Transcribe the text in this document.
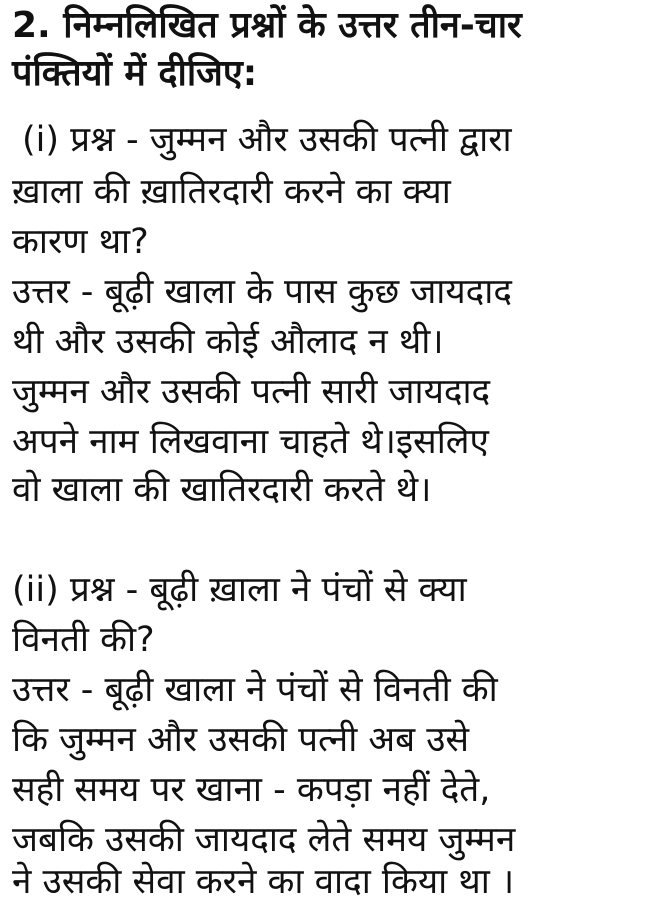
2. निम्नलिखित प्रश्नों के उत्तर तीन-चार
पंक्तियों में दीजिए:
(i) प्रश्न - जुम्मन और उसकी पत्नी द्वारा
ख़ाला की ख़ातिरदारी करने का क्या
कारण था?
उत्तर - बूढ़ी खाला के पास कुछ जायदाद
थी और उसकी कोई औलाद न थी।
जुम्मन और उसकी पत्नी सारी जायदाद
अपने नाम लिखवाना चाहते थे।इसलिए
वो खाला की खातिरदारी करते थे।
(ii) प्रश्न - बूढ़ी ख़ाला ने पंचों से क्या
विनती की?
उत्तर - बूढ़ी खाला ने पंचों से विनती की
कि जुम्मन और उसकी पत्नी अब उसे
सही समय पर खाना - कपड़ा नहीं देते,
जबकि उसकी जायदाद लेते समय जुम्मन
ने उसकी सेवा करने का वादा किया था ।
